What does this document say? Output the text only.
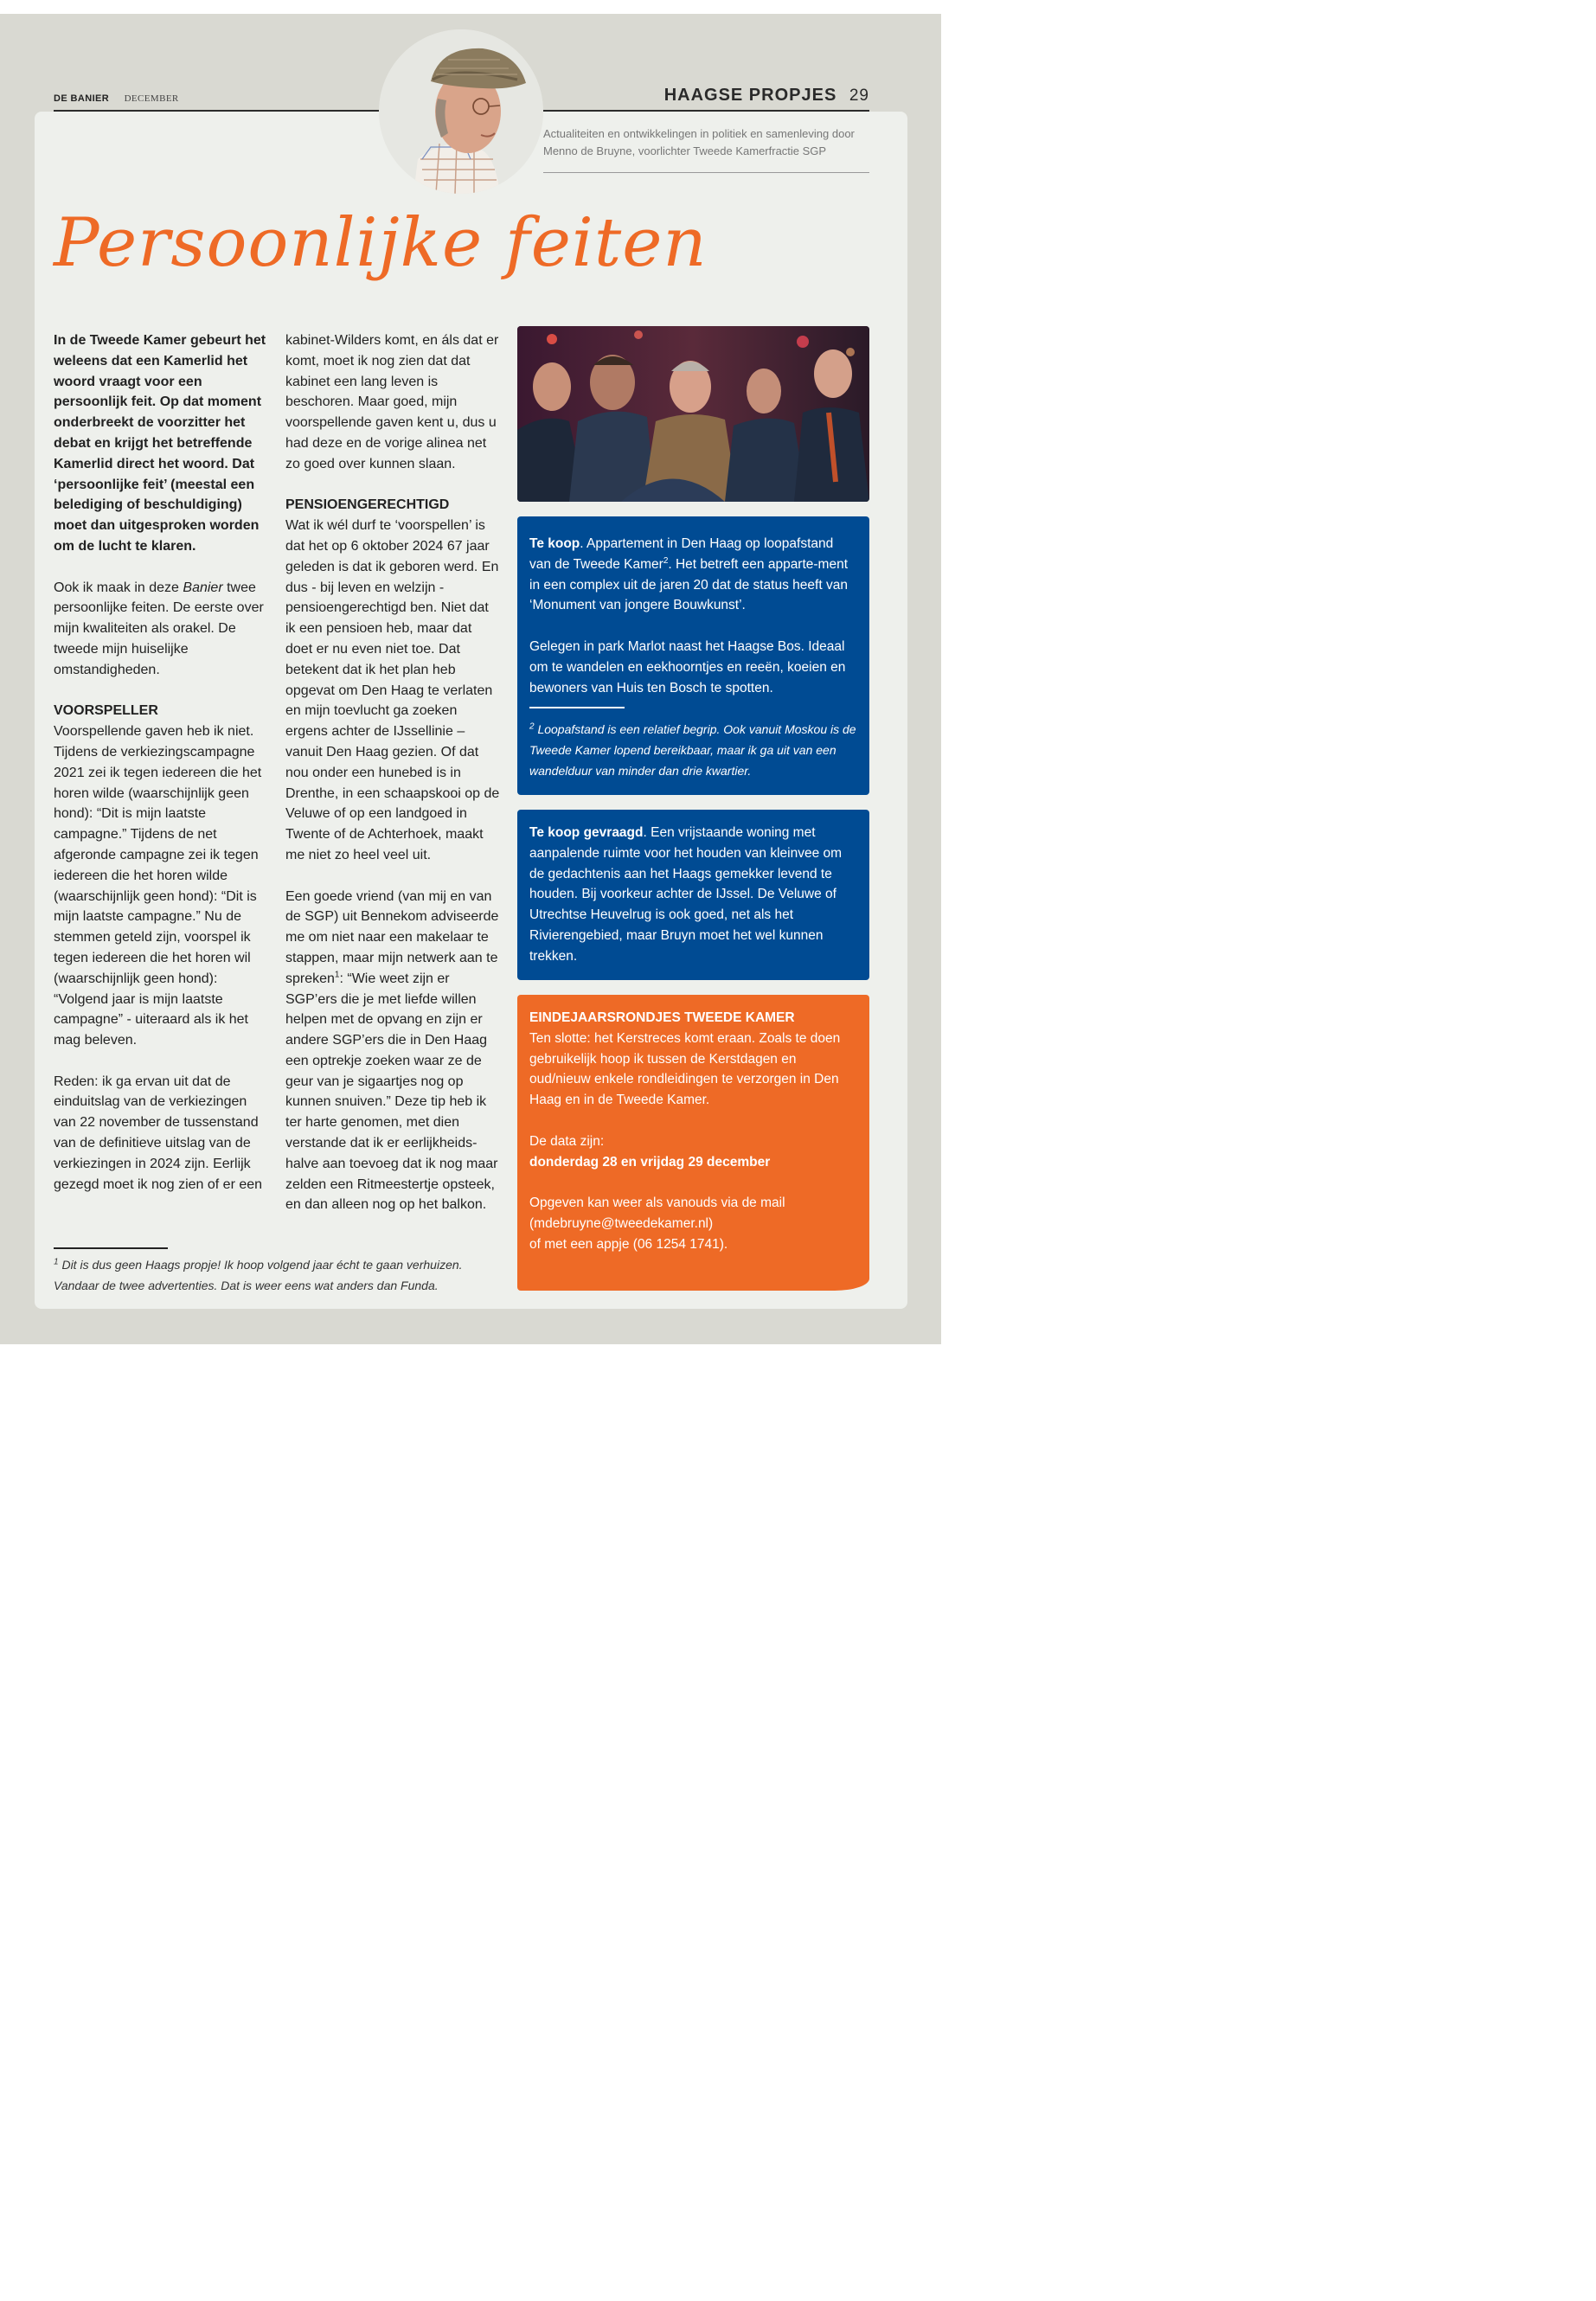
DE BANIER DECEMBER	HAAGSE PROPJES 29
Actualiteiten en ontwikkelingen in politiek en samenleving door Menno de Bruyne, voorlichter Tweede Kamerfractie SGP
Persoonlijke feiten

In de Tweede Kamer gebeurt het weleens dat een Kamerlid het woord vraagt voor een persoonlijk feit. Op dat moment onderbreekt de voorzitter het debat en krijgt het betreffende Kamerlid direct het woord. Dat ‘persoonlijke feit’ (meestal een belediging of beschuldiging) moet dan uitgesproken worden om de lucht te klaren.

Ook ik maak in deze Banier twee persoonlijke feiten. De eerste over mijn kwaliteiten als orakel. De tweede mijn huiselijke omstandigheden.

VOORSPELLER

Voorspellende gaven heb ik niet. Tijdens de verkiezingscampagne 2021 zei ik tegen iedereen die het horen wilde (waarschijnlijk geen hond): “Dit is mijn laatste campagne.” Tijdens de net afgeronde campagne zei ik tegen iedereen die het horen wilde (waarschijnlijk geen hond): “Dit is mijn laatste campagne.” Nu de stemmen geteld zijn, voorspel ik tegen iedereen die het horen wil (waarschijnlijk geen hond): “Volgend jaar is mijn laatste campagne” - uiteraard als ik het mag beleven.

Reden: ik ga ervan uit dat de einduitslag van de verkiezingen van 22 november de tussenstand van de definitieve uitslag van de verkiezingen in 2024 zijn. Eerlijk gezegd moet ik nog zien of er een

kabinet-Wilders komt, en áls dat er komt, moet ik nog zien dat dat kabinet een lang leven is beschoren. Maar goed, mijn voorspellende gaven kent u, dus u had deze en de vorige alinea net zo goed over kunnen slaan.

PENSIOENGERECHTIGD

Wat ik wél durf te ‘voorspellen’ is dat het op 6 oktober 2024 67 jaar geleden is dat ik geboren werd. En dus - bij leven en welzijn - pensioengerechtigd ben. Niet dat ik een pensioen heb, maar dat doet er nu even niet toe. Dat betekent dat ik het plan heb opgevat om Den Haag te verlaten en mijn toevlucht ga zoeken ergens achter de IJssellinie – vanuit Den Haag gezien. Of dat nou onder een hunebed is in Drenthe, in een schaapskooi op de Veluwe of op een landgoed in Twente of de Achterhoek, maakt me niet zo heel veel uit.

Een goede vriend (van mij en van de SGP) uit Bennekom adviseerde me om niet naar een makelaar te stappen, maar mijn netwerk aan te spreken$^1$: “Wie weet zijn er SGP’ers die je met liefde willen helpen met de opvang en zijn er andere SGP’ers die in Den Haag een optrekje zoeken waar ze de geur van je sigaartjes nog op kunnen snuiven.” Deze tip heb ik ter harte genomen, met dien verstande dat ik er eerlijkheids-halve aan toevoeg dat ik nog maar zelden een Ritmeestertje opsteek, en dan alleen nog op het balkon.

$^1$ Dit is dus geen Haags propje! Ik hoop volgend jaar écht te gaan verhuizen. Vandaar de twee advertenties. Dat is weer eens wat anders dan Funda.

Te koop. Appartement in Den Haag op loopafstand van de Tweede Kamer$^2$. Het betreft een apparte-ment in een complex uit de jaren 20 dat de status heeft van ‘Monument van jongere Bouwkunst’.

Gelegen in park Marlot naast het Haagse Bos. Ideaal om te wandelen en eekhoorntjes en reeën, koeien en bewoners van Huis ten Bosch te spotten.

$^2$ Loopafstand is een relatief begrip. Ook vanuit Moskou is de Tweede Kamer lopend bereikbaar, maar ik ga uit van een wandelduur van minder dan drie kwartier.

Te koop gevraagd. Een vrijstaande woning met aanpalende ruimte voor het houden van kleinvee om de gedachtenis aan het Haags gemekker levend te houden. Bij voorkeur achter de IJssel. De Veluwe of Utrechtse Heuvelrug is ook goed, net als het Rivierengebied, maar Bruyn moet het wel kunnen trekken.

EINDEJAARSRONDJES TWEEDE KAMER

Ten slotte: het Kerstreces komt eraan. Zoals te doen gebruikelijk hoop ik tussen de Kerstdagen en oud/nieuw enkele rondleidingen te verzorgen in Den Haag en in de Tweede Kamer.

De data zijn:

donderdag 28 en vrijdag 29 december

Opgeven kan weer als vanouds via de mail

(mdebruyne@tweedekamer.nl)

of met een appje (06 1254 1741).
